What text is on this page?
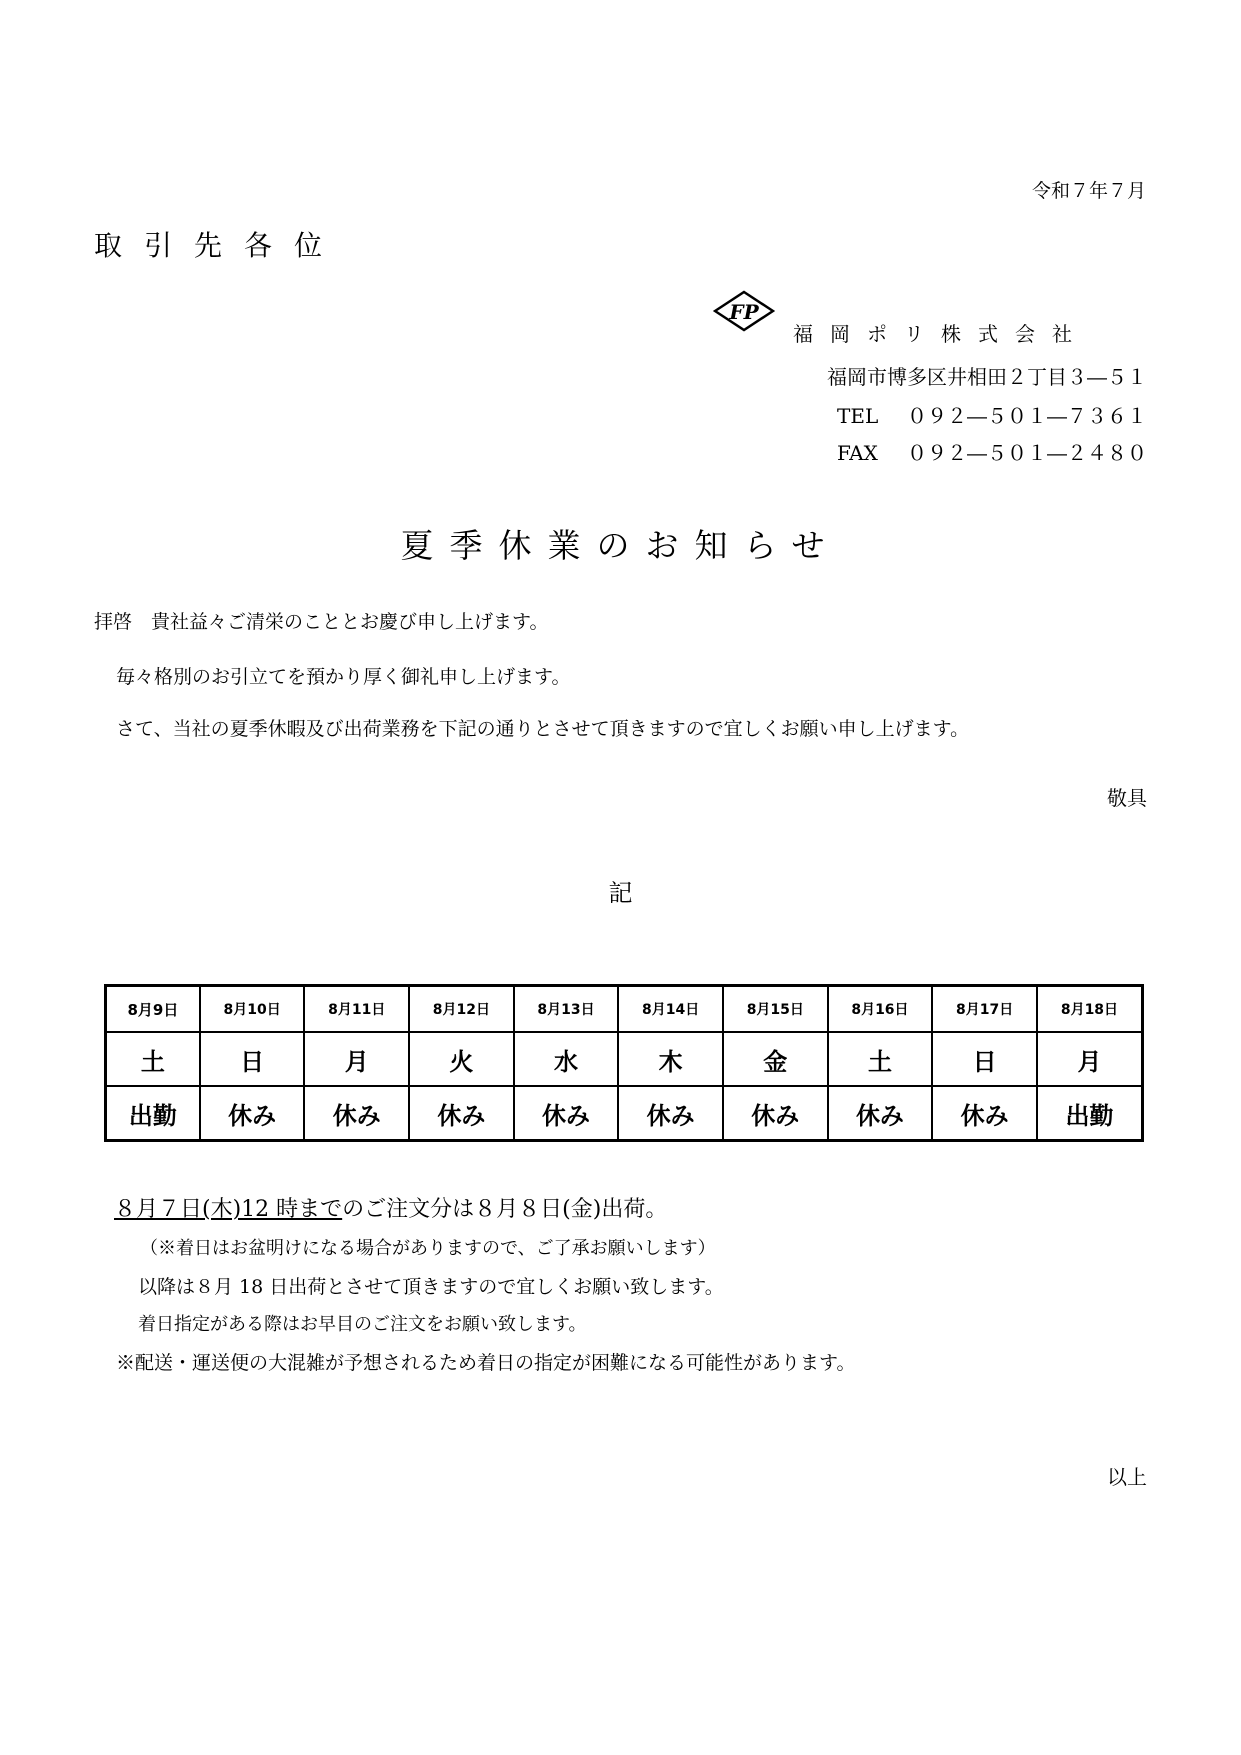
令和７年７月
取引先各位
FP
福岡ポリ株式会社
福岡市博多区井相田２丁目３―５１
TEL ０９２―５０１―７３６１
FAX ０９２―５０１―２４８０
夏季休業のお知らせ
拝啓　貴社益々ご清栄のこととお慶び申し上げます。
毎々格別のお引立てを預かり厚く御礼申し上げます。
さて、当社の夏季休暇及び出荷業務を下記の通りとさせて頂きますので宜しくお願い申し上げます。
敬具
記
8月9日	8月10日	8月11日	8月12日	8月13日	8月14日	8月15日	8月16日	8月17日	8月18日
土	日	月	火	水	木	金	土	日	月
出勤	休み	休み	休み	休み	休み	休み	休み	休み	出勤
８月７日(木)12 時までのご注文分は８月８日(金)出荷。
（※着日はお盆明けになる場合がありますので、ご了承お願いします）
以降は８月 18 日出荷とさせて頂きますので宜しくお願い致します。
着日指定がある際はお早目のご注文をお願い致します。
※配送・運送便の大混雑が予想されるため着日の指定が困難になる可能性があります。
以上
